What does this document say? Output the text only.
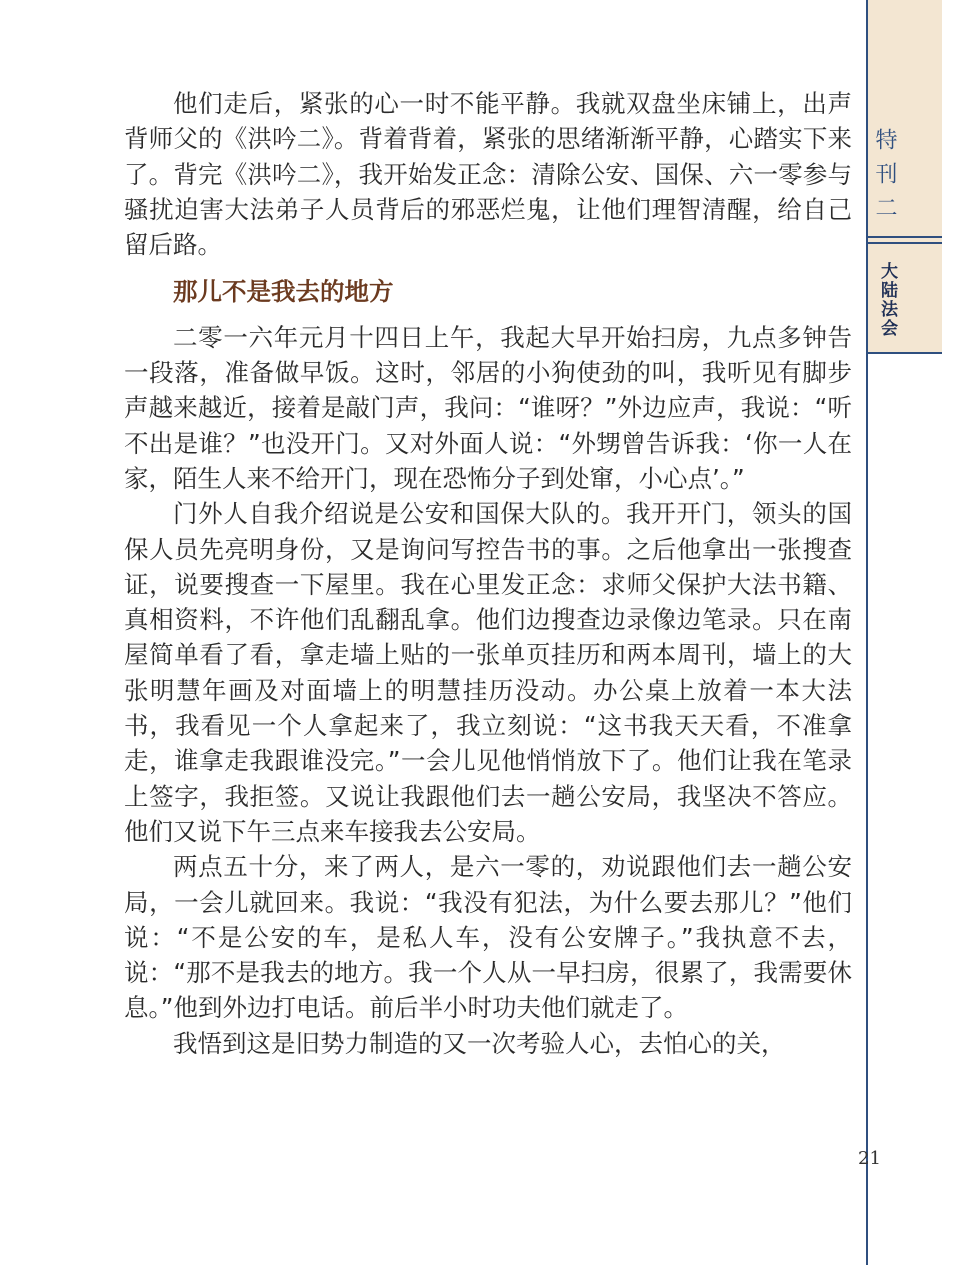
他们走后，紧张的心一时不能平静。我就双盘坐床铺上，出声背师父的《洪吟二》。背着背着，紧张的思绪渐渐平静，心踏实下来了。背完《洪吟二》，我开始发正念：清除公安、国保、六一零参与骚扰迫害大法弟子人员背后的邪恶烂鬼，让他们理智清醒，给自己留后路。

那儿不是我去的地方

二零一六年元月十四日上午，我起大早开始扫房，九点多钟告一段落，准备做早饭。这时，邻居的小狗使劲的叫，我听见有脚步声越来越近，接着是敲门声，我问：“谁呀？”外边应声，我说：“听不出是谁？”也没开门。又对外面人说：“外甥曾告诉我：‘你一人在家，陌生人来不给开门，现在恐怖分子到处窜，小心点’。”

门外人自我介绍说是公安和国保大队的。我开开门，领头的国保人员先亮明身份，又是询问写控告书的事。之后他拿出一张搜查证，说要搜查一下屋里。我在心里发正念：求师父保护大法书籍、真相资料，不许他们乱翻乱拿。他们边搜查边录像边笔录。只在南屋简单看了看，拿走墙上贴的一张单页挂历和两本周刊，墙上的大张明慧年画及对面墙上的明慧挂历没动。办公桌上放着一本大法书，我看见一个人拿起来了，我立刻说：“这书我天天看，不准拿走，谁拿走我跟谁没完。”一会儿见他悄悄放下了。他们让我在笔录上签字，我拒签。又说让我跟他们去一趟公安局，我坚决不答应。他们又说下午三点来车接我去公安局。

两点五十分，来了两人，是六一零的，劝说跟他们去一趟公安局，一会儿就回来。我说：“我没有犯法，为什么要去那儿？”他们说：“不是公安的车，是私人车，没有公安牌子。”我执意不去，说：“那不是我去的地方。我一个人从一早扫房，很累了，我需要休息。”他到外边打电话。前后半小时功夫他们就走了。

我悟到这是旧势力制造的又一次考验人心，去怕心的关，

特刊二
大陆法会
21
